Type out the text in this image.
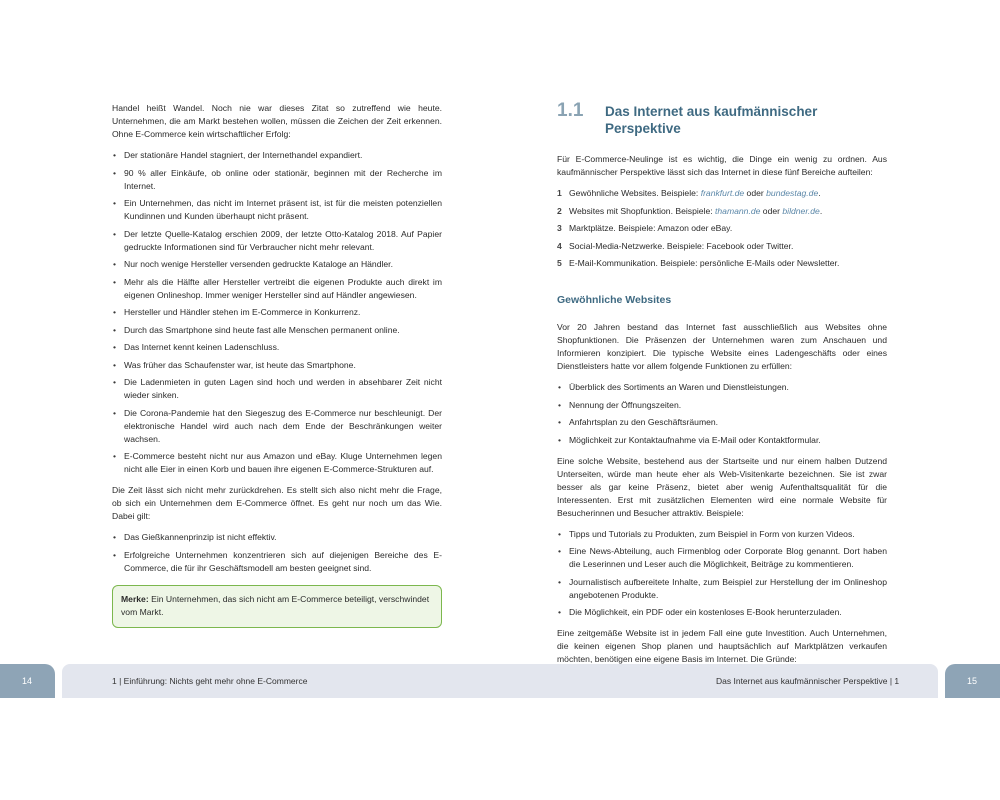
Handel heißt Wandel. Noch nie war dieses Zitat so zutreffend wie heute. Unternehmen, die am Markt bestehen wollen, müssen die Zeichen der Zeit erkennen. Ohne E-Commerce kein wirtschaftlicher Erfolg:

• Der stationäre Handel stagniert, der Internethandel expandiert.
• 90 % aller Einkäufe, ob online oder stationär, beginnen mit der Recherche im Internet.
• Ein Unternehmen, das nicht im Internet präsent ist, ist für die meisten potenziellen Kundinnen und Kunden überhaupt nicht präsent.
• Der letzte Quelle-Katalog erschien 2009, der letzte Otto-Katalog 2018. Auf Papier gedruckte Informationen sind für Verbraucher nicht mehr relevant.
• Nur noch wenige Hersteller versenden gedruckte Kataloge an Händler.
• Mehr als die Hälfte aller Hersteller vertreibt die eigenen Produkte auch direkt im eigenen Onlineshop. Immer weniger Hersteller sind auf Händler angewiesen.
• Hersteller und Händler stehen im E-Commerce in Konkurrenz.
• Durch das Smartphone sind heute fast alle Menschen permanent online.
• Das Internet kennt keinen Ladenschluss.
• Was früher das Schaufenster war, ist heute das Smartphone.
• Die Ladenmieten in guten Lagen sind hoch und werden in absehbarer Zeit nicht wieder sinken.
• Die Corona-Pandemie hat den Siegeszug des E-Commerce nur beschleunigt. Der elektronische Handel wird auch nach dem Ende der Beschränkungen weiter wachsen.
• E-Commerce besteht nicht nur aus Amazon und eBay. Kluge Unternehmen legen nicht alle Eier in einen Korb und bauen ihre eigenen E-Commerce-Strukturen auf.

Die Zeit lässt sich nicht mehr zurückdrehen. Es stellt sich also nicht mehr die Frage, ob sich ein Unternehmen dem E-Commerce öffnet. Es geht nur noch um das Wie. Dabei gilt:

• Das Gießkannenprinzip ist nicht effektiv.
• Erfolgreiche Unternehmen konzentrieren sich auf diejenigen Bereiche des E-Commerce, die für ihr Geschäftsmodell am besten geeignet sind.
Merke: Ein Unternehmen, das sich nicht am E-Commerce beteiligt, verschwindet vom Markt.
1.1	Das Internet aus kaufmännischer Perspektive

Für E-Commerce-Neulinge ist es wichtig, die Dinge ein wenig zu ordnen. Aus kaufmännischer Perspektive lässt sich das Internet in diese fünf Bereiche aufteilen:

1 Gewöhnliche Websites. Beispiele: frankfurt.de oder bundestag.de.
2 Websites mit Shopfunktion. Beispiele: thamann.de oder bildner.de.
3 Marktplätze. Beispiele: Amazon oder eBay.
4 Social-Media-Netzwerke. Beispiele: Facebook oder Twitter.
5 E-Mail-Kommunikation. Beispiele: persönliche E-Mails oder Newsletter.
Gewöhnliche Websites

Vor 20 Jahren bestand das Internet fast ausschließlich aus Websites ohne Shopfunktionen. Die Präsenzen der Unternehmen waren zum Anschauen und Informieren konzipiert. Die typische Website eines Ladengeschäfts oder eines Dienstleisters hatte vor allem folgende Funktionen zu erfüllen:

• Überblick des Sortiments an Waren und Dienstleistungen.
• Nennung der Öffnungszeiten.
• Anfahrtsplan zu den Geschäftsräumen.
• Möglichkeit zur Kontaktaufnahme via E-Mail oder Kontaktformular.

Eine solche Website, bestehend aus der Startseite und nur einem halben Dutzend Unterseiten, würde man heute eher als Web-Visitenkarte bezeichnen. Sie ist zwar besser als gar keine Präsenz, bietet aber wenig Aufenthaltsqualität für die Interessenten. Erst mit zusätzlichen Elementen wird eine normale Website für Besucherinnen und Besucher attraktiv. Beispiele:

• Tipps und Tutorials zu Produkten, zum Beispiel in Form von kurzen Videos.
• Eine News-Abteilung, auch Firmenblog oder Corporate Blog genannt. Dort haben die Leserinnen und Leser auch die Möglichkeit, Beiträge zu kommentieren.
• Journalistisch aufbereitete Inhalte, zum Beispiel zur Herstellung der im Onlineshop angebotenen Produkte.
• Die Möglichkeit, ein PDF oder ein kostenloses E-Book herunterzuladen.

Eine zeitgemäße Website ist in jedem Fall eine gute Investition. Auch Unternehmen, die keinen eigenen Shop planen und hauptsächlich auf Marktplätzen verkaufen möchten, benötigen eine eigene Basis im Internet. Die Gründe:

14	1 | Einführung: Nichts geht mehr ohne E-Commerce	Das Internet aus kaufmännischer Perspektive | 1	15
